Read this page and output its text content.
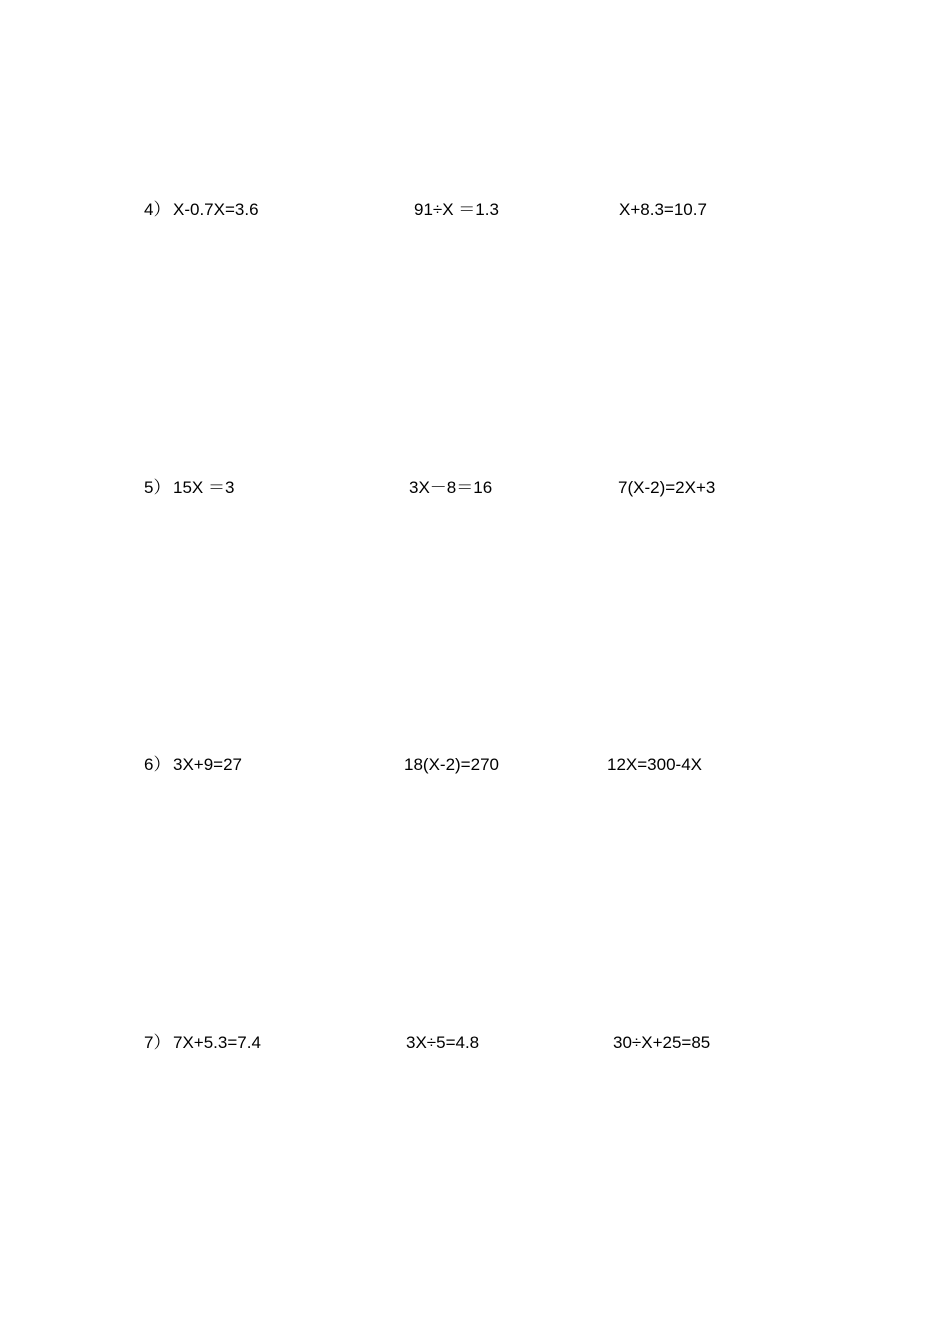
4） X-0.7X=3.6	91÷X ＝1.3	X+8.3=10.7
5） 15X ＝3	3X－8＝16	7(X-2)=2X+3
6） 3X+9=27	18(X-2)=270	12X=300-4X
7） 7X+5.3=7.4	3X÷5=4.8	30÷X+25=85
